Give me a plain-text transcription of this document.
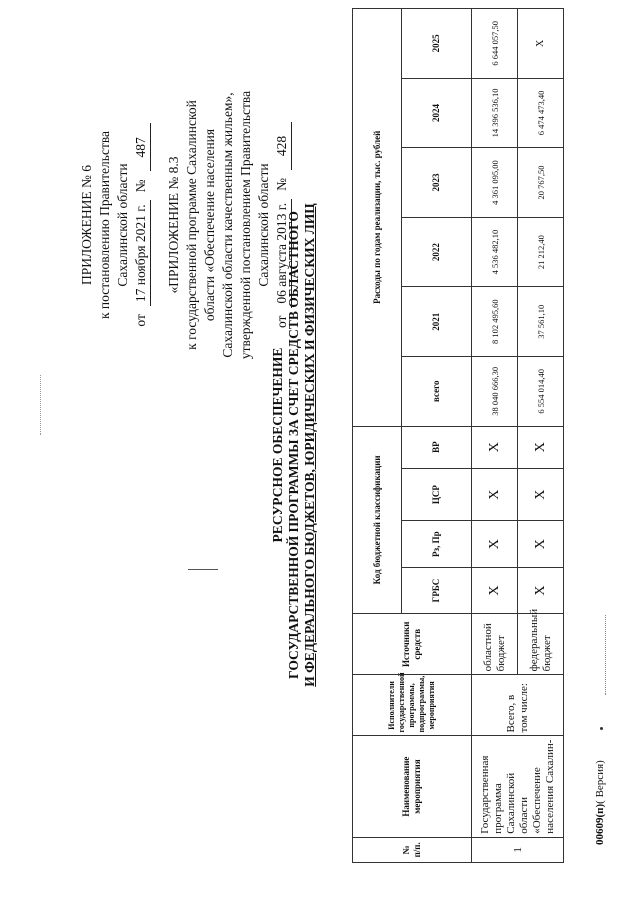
ПРИЛОЖЕНИЕ № 6 к постановлению Правительства Сахалинской области
от
17 ноября 2021 г.
№
487
«ПРИЛОЖЕНИЕ № 8.3 к государственной программе Сахалинской области «Обеспечение населения Сахалинской области качественным жильем», утвержденной постановлением Правительства Сахалинской области
от
06 августа 2013 г.
№
428
РЕСУРСНОЕ ОБЕСПЕЧЕНИЕ ГОСУДАРСТВЕННОЙ ПРОГРАММЫ ЗА СЧЕТ СРЕДСТВ ОБЛАСТНОГО И ФЕДЕРАЛЬНОГО БЮДЖЕТОВ, ЮРИДИЧЕСКИХ И ФИЗИЧЕСКИХ ЛИЦ
№ п/п.	Наименование мероприятия	Исполнители государственной программы, подпрограммы, мероприятия	Источники средств	Код бюджетной классификации				Расходы по годам реализации, тыс. рублей					
				ГРБС	Рз, Пр	ЦСР	ВР	всего	2021	2022	2023	2024	2025
1	Государственная программа Сахалинской области «Обеспечение населения Сахалин-	Всего, в том числе:	областной бюджет	X	X	X	X	38 040 666,30	8 102 495,60	4 536 482,10	4 361 095,00	14 396 536,10	6 644 057,50
			федеральный бюджет	X	X	X	X	6 554 014,40	37 561,10	21 212,40	20 767,50	6 474 473,40	X
00609(п)( Версия)
